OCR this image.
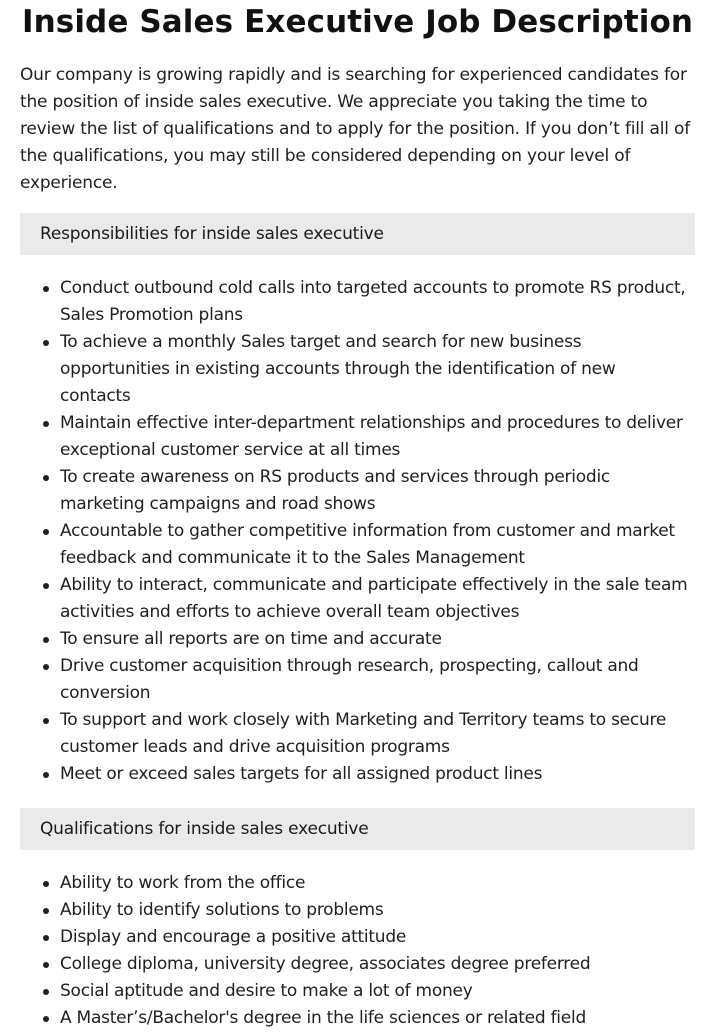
Inside Sales Executive Job Description

Our company is growing rapidly and is searching for experienced candidates for the position of inside sales executive. We appreciate you taking the time to review the list of qualifications and to apply for the position. If you don’t fill all of the qualifications, you may still be considered depending on your level of experience.

Responsibilities for inside sales executive
Conduct outbound cold calls into targeted accounts to promote RS product, Sales Promotion plans
To achieve a monthly Sales target and search for new business opportunities in existing accounts through the identification of new contacts
Maintain effective inter-department relationships and procedures to deliver exceptional customer service at all times
To create awareness on RS products and services through periodic marketing campaigns and road shows
Accountable to gather competitive information from customer and market feedback and communicate it to the Sales Management
Ability to interact, communicate and participate effectively in the sale team activities and efforts to achieve overall team objectives
To ensure all reports are on time and accurate
Drive customer acquisition through research, prospecting, callout and conversion
To support and work closely with Marketing and Territory teams to secure customer leads and drive acquisition programs
Meet or exceed sales targets for all assigned product lines
Qualifications for inside sales executive
Ability to work from the office
Ability to identify solutions to problems
Display and encourage a positive attitude
College diploma, university degree, associates degree preferred
Social aptitude and desire to make a lot of money
A Master’s/Bachelor's degree in the life sciences or related field
